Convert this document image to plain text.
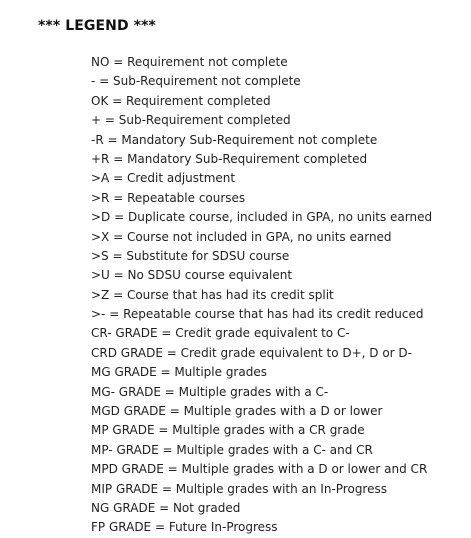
*** LEGEND ***
NO = Requirement not complete
- = Sub-Requirement not complete
OK = Requirement completed
+ = Sub-Requirement completed
-R = Mandatory Sub-Requirement not complete
+R = Mandatory Sub-Requirement completed
>A = Credit adjustment
>R = Repeatable courses
>D = Duplicate course, included in GPA, no units earned
>X = Course not included in GPA, no units earned
>S = Substitute for SDSU course
>U = No SDSU course equivalent
>Z = Course that has had its credit split
>- = Repeatable course that has had its credit reduced
CR- GRADE = Credit grade equivalent to C-
CRD GRADE = Credit grade equivalent to D+, D or D-
MG GRADE = Multiple grades
MG- GRADE = Multiple grades with a C-
MGD GRADE = Multiple grades with a D or lower
MP GRADE = Multiple grades with a CR grade
MP- GRADE = Multiple grades with a C- and CR
MPD GRADE = Multiple grades with a D or lower and CR
MIP GRADE = Multiple grades with an In-Progress
NG GRADE = Not graded
FP GRADE = Future In-Progress
